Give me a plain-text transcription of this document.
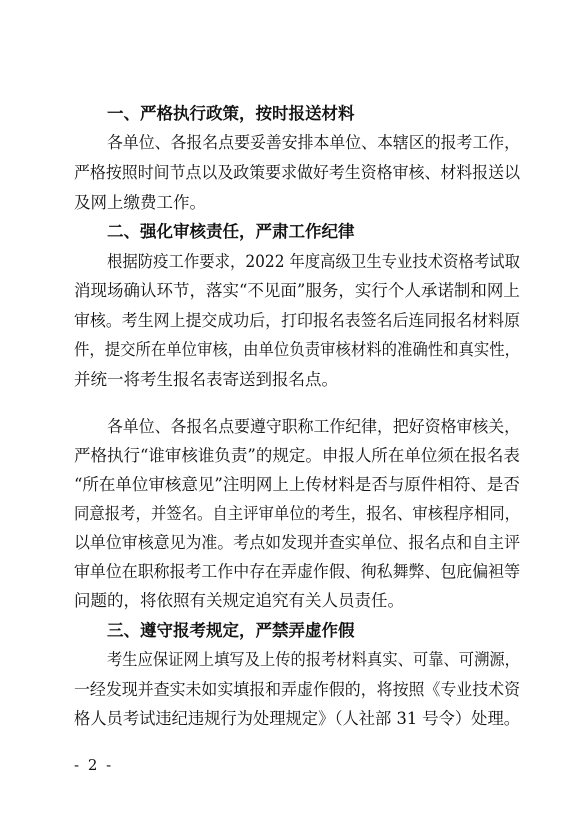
一、严格执行政策，按时报送材料
各单位、各报名点要妥善安排本单位、本辖区的报考工作，
严格按照时间节点以及政策要求做好考生资格审核、材料报送以
及网上缴费工作。
二、强化审核责任，严肃工作纪律
根据防疫工作要求，2022 年度高级卫生专业技术资格考试取
消现场确认环节，落实“不见面”服务，实行个人承诺制和网上
审核。考生网上提交成功后，打印报名表签名后连同报名材料原
件，提交所在单位审核，由单位负责审核材料的准确性和真实性，
并统一将考生报名表寄送到报名点。
各单位、各报名点要遵守职称工作纪律，把好资格审核关，
严格执行“谁审核谁负责”的规定。申报人所在单位须在报名表
“所在单位审核意见”注明网上上传材料是否与原件相符、是否
同意报考，并签名。自主评审单位的考生，报名、审核程序相同，
以单位审核意见为准。考点如发现并查实单位、报名点和自主评
审单位在职称报考工作中存在弄虚作假、徇私舞弊、包庇偏袒等
问题的，将依照有关规定追究有关人员责任。
三、遵守报考规定，严禁弄虚作假
考生应保证网上填写及上传的报考材料真实、可靠、可溯源，
一经发现并查实未如实填报和弄虚作假的，将按照《专业技术资
格人员考试违纪违规行为处理规定》（人社部 31 号令）处理。
- 2 -
